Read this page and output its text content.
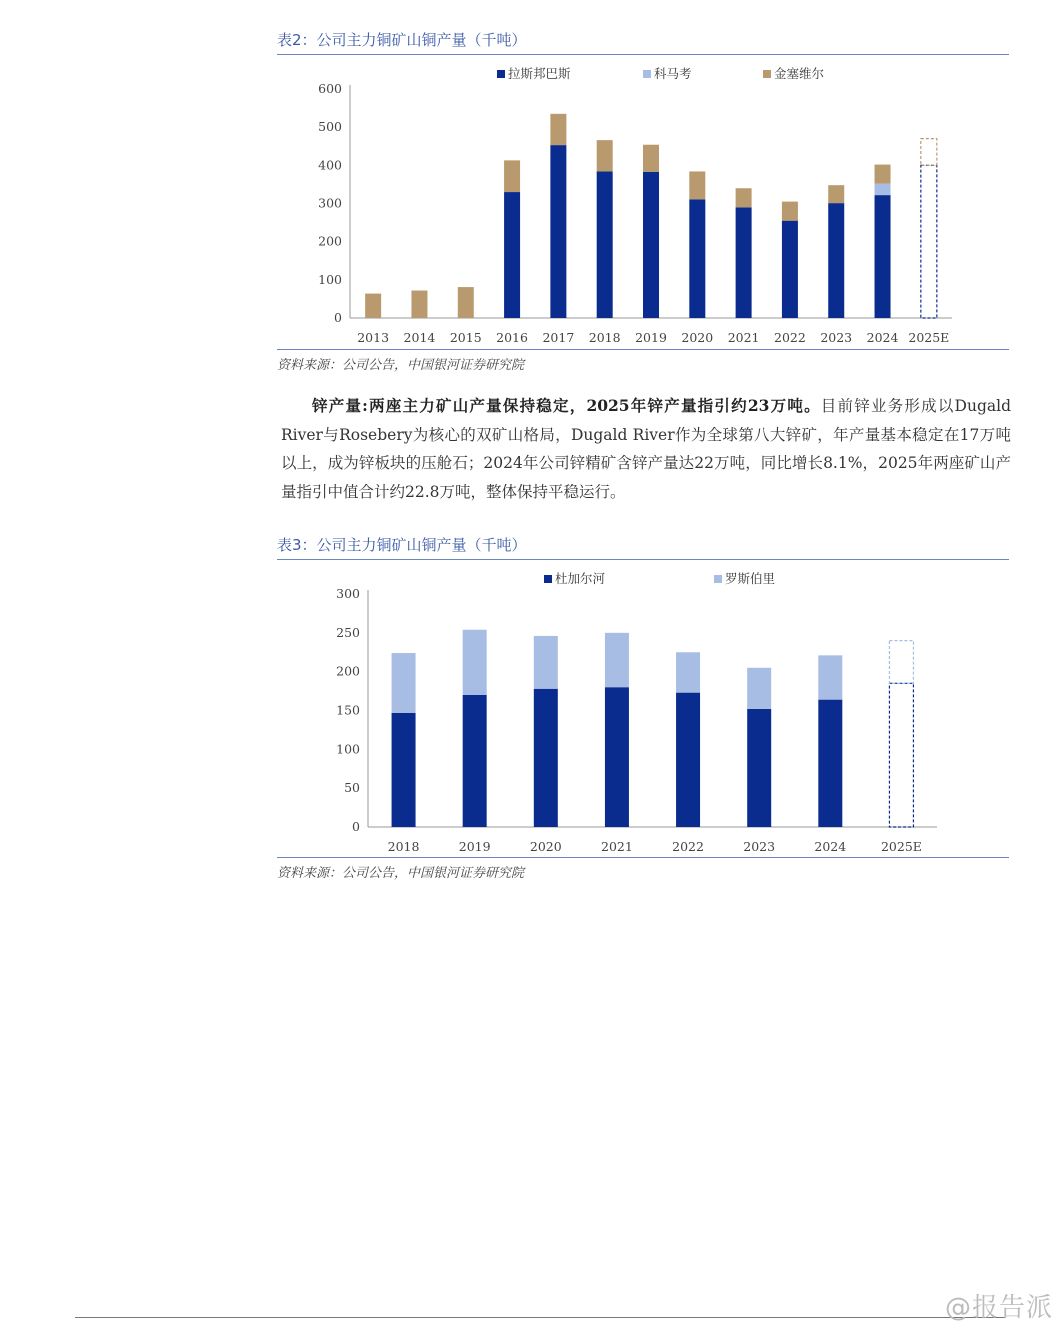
表2：公司主力铜矿山铜产量（千吨）
0
100
200
300
400
500
600
拉斯邦巴斯	科马考	金塞维尔
2013 2014 2015 2016 2017 2018 2019 2020 2021 2022 2023 2024 2025E
资料来源：公司公告，中国银河证券研究院

锌产量:两座主力矿山产量保持稳定，2025年锌产量指引约23万吨。目前锌业务形成以Dugald River与Rosebery为核心的双矿山格局，Dugald River作为全球第八大锌矿，年产量基本稳定在17万吨以上，成为锌板块的压舱石；2024年公司锌精矿含锌产量达22万吨，同比增长8.1%，2025年两座矿山产量指引中值合计约22.8万吨，整体保持平稳运行。

表3：公司主力铜矿山铜产量（千吨）
0
50
100
150
200
250
300
杜加尔河	罗斯伯里
2018	2019	2020	2021	2022	2023	2024	2025E
资料来源：公司公告，中国银河证券研究院
@报告派
